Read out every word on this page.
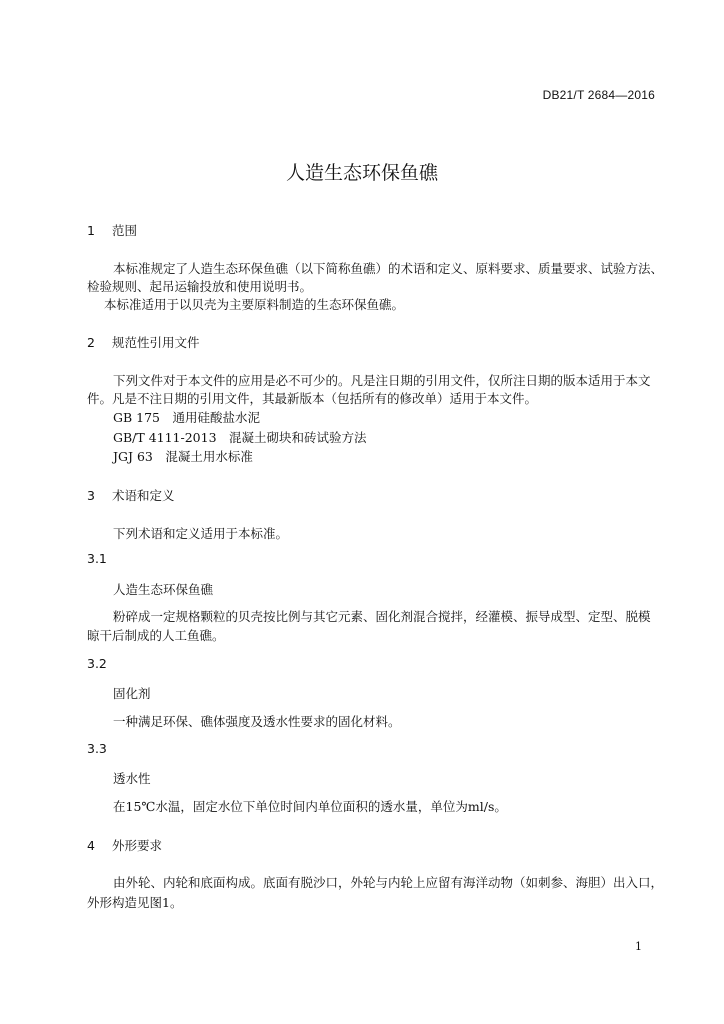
DB21/T 2684—2016
人造生态环保鱼礁
1 范围
本标准规定了人造生态环保鱼礁（以下简称鱼礁）的术语和定义、原料要求、质量要求、试验方法、
检验规则、起吊运输投放和使用说明书。
本标准适用于以贝壳为主要原料制造的生态环保鱼礁。
2 规范性引用文件
下列文件对于本文件的应用是必不可少的。凡是注日期的引用文件，仅所注日期的版本适用于本文
件。凡是不注日期的引用文件，其最新版本（包括所有的修改单）适用于本文件。
GB 175　通用硅酸盐水泥
GB/T 4111-2013　混凝土砌块和砖试验方法
JGJ 63　混凝土用水标准
3 术语和定义
下列术语和定义适用于本标准。
3.1
人造生态环保鱼礁
粉碎成一定规格颗粒的贝壳按比例与其它元素、固化剂混合搅拌，经灌模、振导成型、定型、脱模
晾干后制成的人工鱼礁。
3.2
固化剂
一种满足环保、礁体强度及透水性要求的固化材料。
3.3
透水性
在15℃水温，固定水位下单位时间内单位面积的透水量，单位为ml/s。
4 外形要求
由外轮、内轮和底面构成。底面有脱沙口，外轮与内轮上应留有海洋动物（如刺参、海胆）出入口，
外形构造见图1。
1
